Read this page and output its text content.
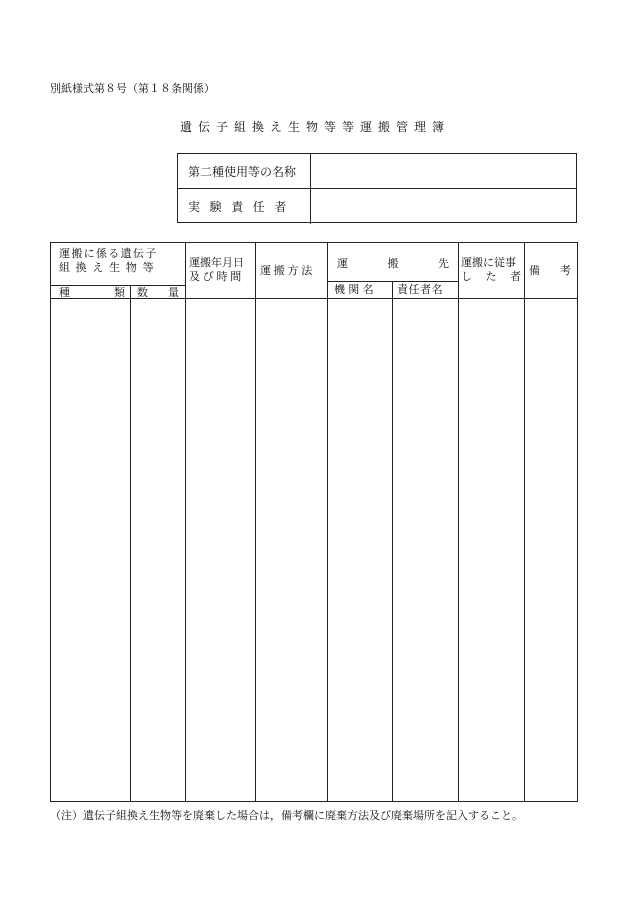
別紙様式第８号（第１８条関係）
遺伝子組換え生物等等運搬管理簿
第二種使用等の名称
実験責任者
運搬に係る遺伝子
組換え生物等
種類 数量
運搬年月日
及び時間 運搬方法
運搬先
機関名 責任者名
運搬に従事
した者 備考
（注）遺伝子組換え生物等を廃棄した場合は，備考欄に廃棄方法及び廃棄場所を記入すること。
